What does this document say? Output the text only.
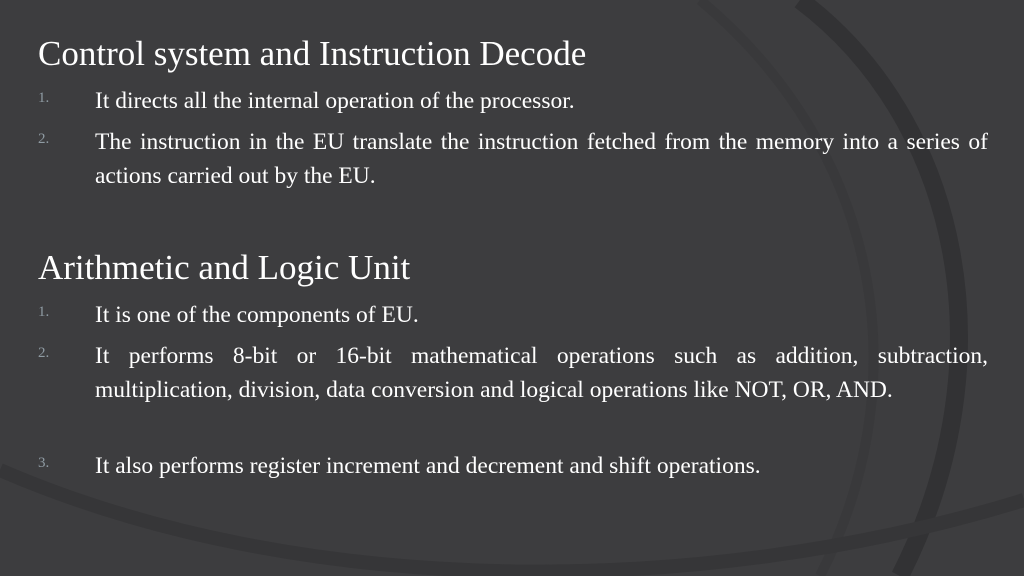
Control system and Instruction Decode
1. It directs all the internal operation of the processor.
2. The instruction in the EU translate the instruction fetched from the memory into a series of actions carried out by the EU.
Arithmetic and Logic Unit
1. It is one of the components of EU.
2. It performs 8-bit or 16-bit mathematical operations such as addition, subtraction, multiplication, division, data conversion and logical operations like NOT, OR, AND.
3. It also performs register increment and decrement and shift operations.
